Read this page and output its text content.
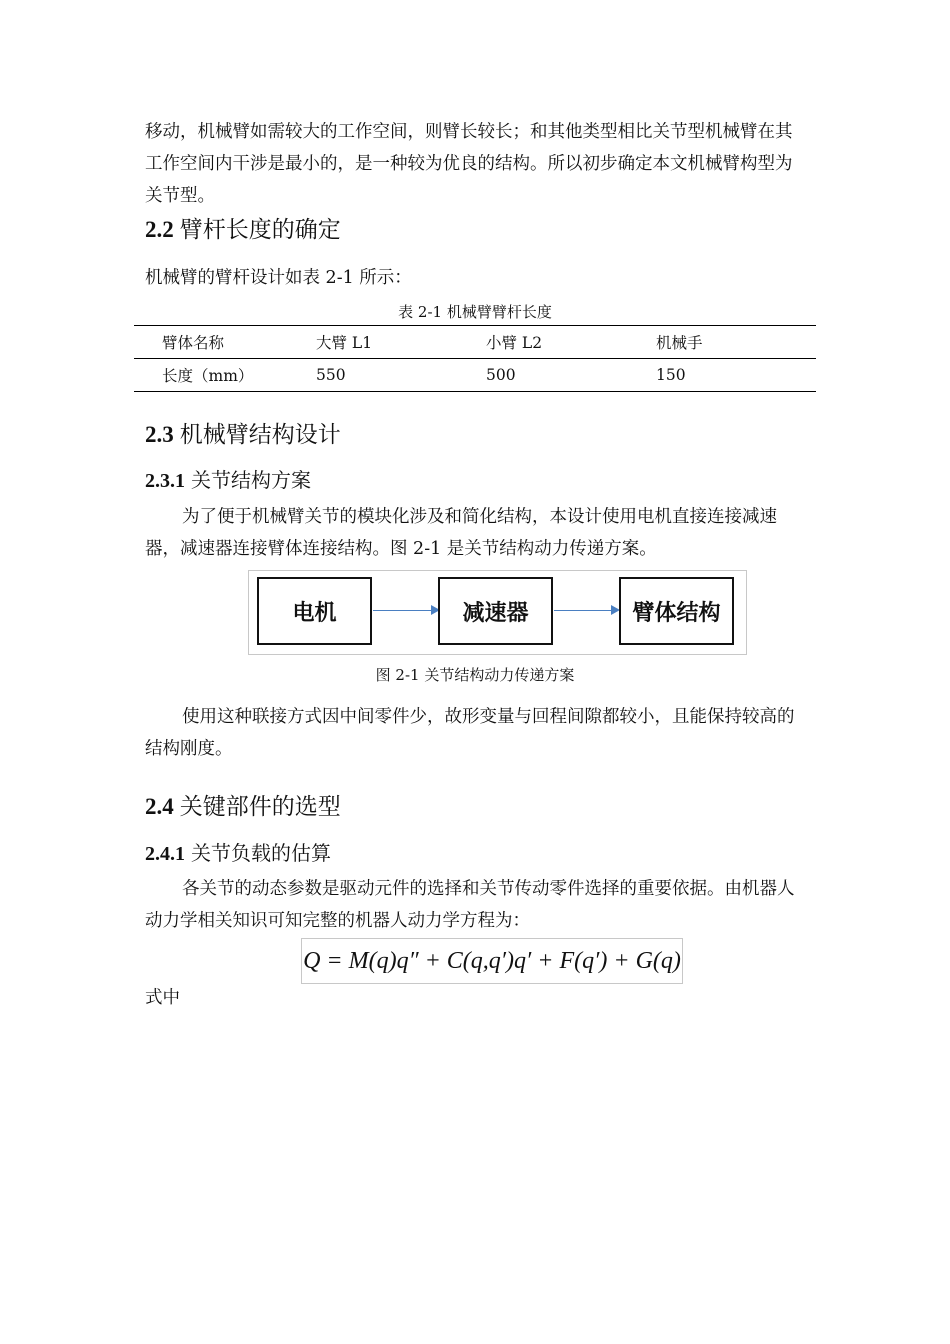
移动，机械臂如需较大的工作空间，则臂长较长；和其他类型相比关节型机械臂在其工作空间内干涉是最小的，是一种较为优良的结构。所以初步确定本文机械臂构型为关节型。

2.2 臂杆长度的确定

机械臂的臂杆设计如表 2-1 所示：

表 2-1 机械臂臂杆长度
臂体名称	大臂 L1	小臂 L2	机械手
长度（mm）	550	500	150
2.3 机械臂结构设计
2.3.1 关节结构方案

为了便于机械臂关节的模块化涉及和简化结构，本设计使用电机直接连接减速器，减速器连接臂体连接结构。图 2-1 是关节结构动力传递方案。

电机	减速器	臂体结构
图 2-1 关节结构动力传递方案

使用这种联接方式因中间零件少，故形变量与回程间隙都较小，且能保持较高的结构刚度。

2.4 关键部件的选型
2.4.1 关节负载的估算

各关节的动态参数是驱动元件的选择和关节传动零件选择的重要依据。由机器人动力学相关知识可知完整的机器人动力学方程为：

Q = M(q)q″ + C(q,q′)q′ + F(q′) + G(q)

式中
